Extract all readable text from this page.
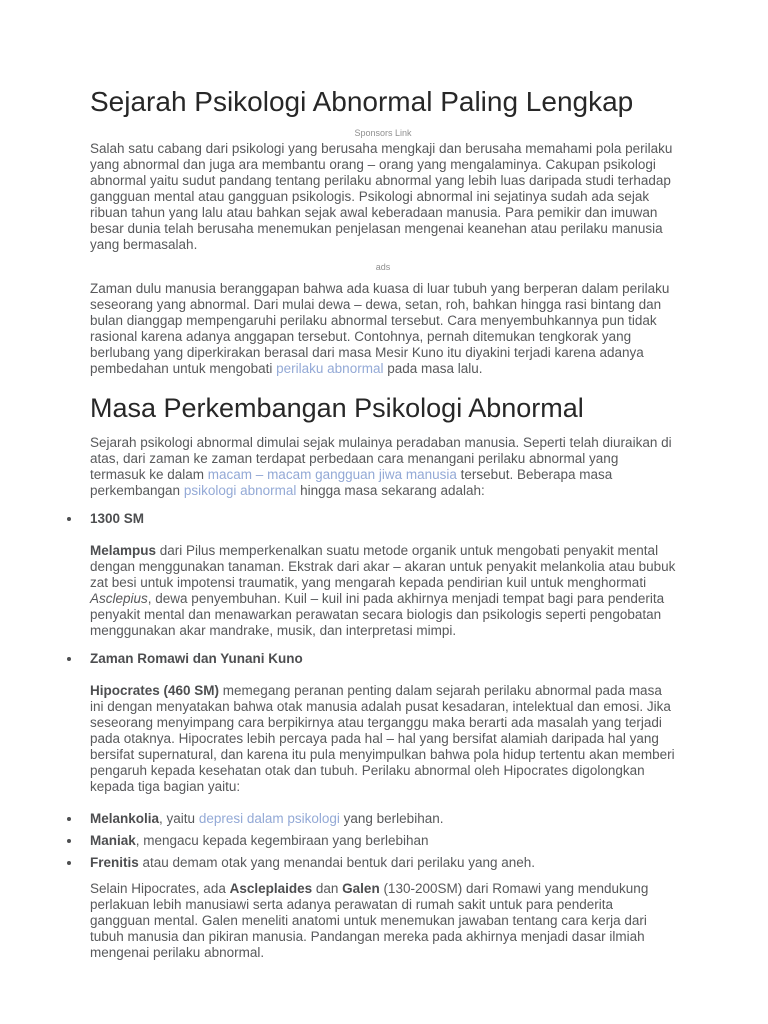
Sejarah Psikologi Abnormal Paling Lengkap
Sponsors Link

Salah satu cabang dari psikologi yang berusaha mengkaji dan berusaha memahami pola perilaku yang abnormal dan juga ara membantu orang – orang yang mengalaminya. Cakupan psikologi abnormal yaitu sudut pandang tentang perilaku abnormal yang lebih luas daripada studi terhadap gangguan mental atau gangguan psikologis. Psikologi abnormal ini sejatinya sudah ada sejak ribuan tahun yang lalu atau bahkan sejak awal keberadaan manusia. Para pemikir dan imuwan besar dunia telah berusaha menemukan penjelasan mengenai keanehan atau perilaku manusia yang bermasalah.

ads

Zaman dulu manusia beranggapan bahwa ada kuasa di luar tubuh yang berperan dalam perilaku seseorang yang abnormal. Dari mulai dewa – dewa, setan, roh, bahkan hingga rasi bintang dan bulan dianggap mempengaruhi perilaku abnormal tersebut. Cara menyembuhkannya pun tidak rasional karena adanya anggapan tersebut. Contohnya, pernah ditemukan tengkorak yang berlubang yang diperkirakan berasal dari masa Mesir Kuno itu diyakini terjadi karena adanya pembedahan untuk mengobati perilaku abnormal pada masa lalu.

Masa Perkembangan Psikologi Abnormal

Sejarah psikologi abnormal dimulai sejak mulainya peradaban manusia. Seperti telah diuraikan di atas, dari zaman ke zaman terdapat perbedaan cara menangani perilaku abnormal yang termasuk ke dalam macam – macam gangguan jiwa manusia tersebut. Beberapa masa perkembangan psikologi abnormal hingga masa sekarang adalah:

1300 SM

Melampus dari Pilus memperkenalkan suatu metode organik untuk mengobati penyakit mental dengan menggunakan tanaman. Ekstrak dari akar – akaran untuk penyakit melankolia atau bubuk zat besi untuk impotensi traumatik, yang mengarah kepada pendirian kuil untuk menghormati Asclepius, dewa penyembuhan. Kuil – kuil ini pada akhirnya menjadi tempat bagi para penderita penyakit mental dan menawarkan perawatan secara biologis dan psikologis seperti pengobatan menggunakan akar mandrake, musik, dan interpretasi mimpi.

Zaman Romawi dan Yunani Kuno

Hipocrates (460 SM) memegang peranan penting dalam sejarah perilaku abnormal pada masa ini dengan menyatakan bahwa otak manusia adalah pusat kesadaran, intelektual dan emosi. Jika seseorang menyimpang cara berpikirnya atau terganggu maka berarti ada masalah yang terjadi pada otaknya. Hipocrates lebih percaya pada hal – hal yang bersifat alamiah daripada hal yang bersifat supernatural, dan karena itu pula menyimpulkan bahwa pola hidup tertentu akan memberi pengaruh kepada kesehatan otak dan tubuh. Perilaku abnormal oleh Hipocrates digolongkan kepada tiga bagian yaitu:

Melankolia, yaitu depresi dalam psikologi yang berlebihan.
Maniak, mengacu kepada kegembiraan yang berlebihan
Frenitis atau demam otak yang menandai bentuk dari perilaku yang aneh.

Selain Hipocrates, ada Ascleplaides dan Galen (130-200SM) dari Romawi yang mendukung perlakuan lebih manusiawi serta adanya perawatan di rumah sakit untuk para penderita gangguan mental. Galen meneliti anatomi untuk menemukan jawaban tentang cara kerja dari tubuh manusia dan pikiran manusia. Pandangan mereka pada akhirnya menjadi dasar ilmiah mengenai perilaku abnormal.
